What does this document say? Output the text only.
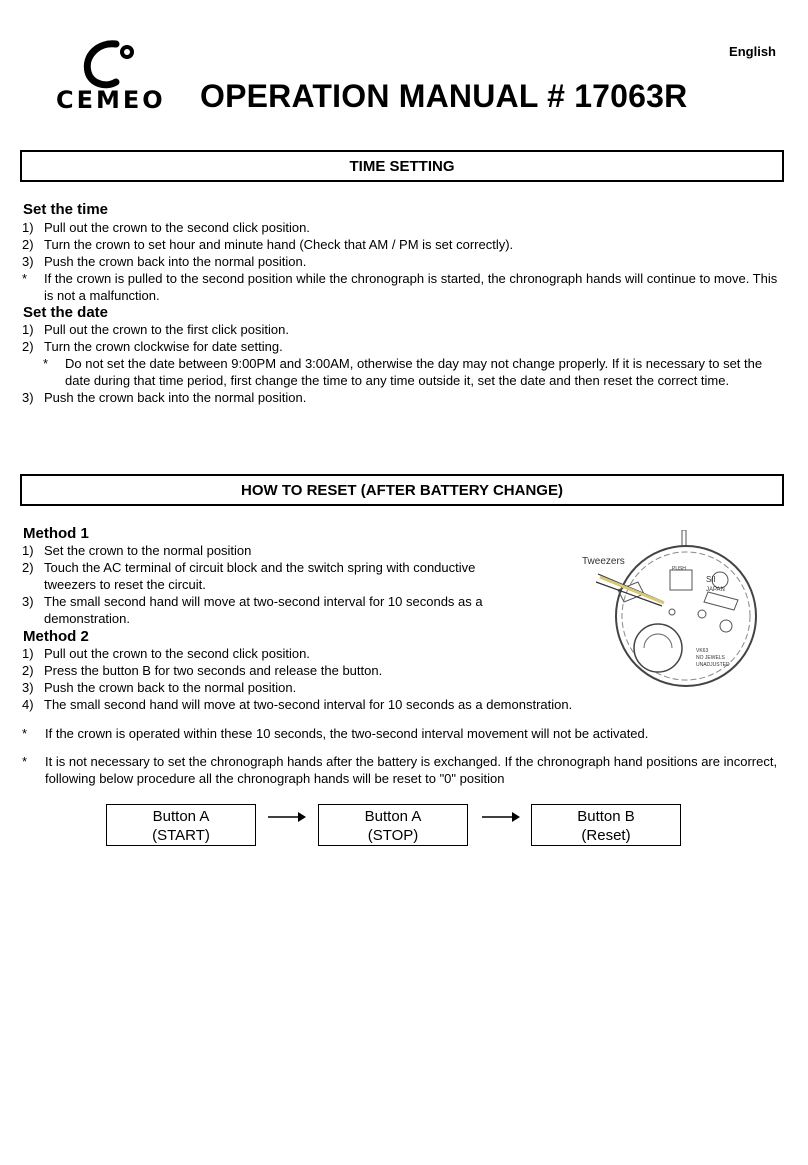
English
CEMEO OPERATION MANUAL # 17063R
TIME SETTING
Set the time
1) Pull out the crown to the second click position.
2) Turn the crown to set hour and minute hand (Check that AM / PM is set correctly).
3) Push the crown back into the normal position.
* If the crown is pulled to the second position while the chronograph is started, the chronograph hands will continue to move. This is not a malfunction.
Set the date
1) Pull out the crown to the first click position.
2) Turn the crown clockwise for date setting.
* Do not set the date between 9:00PM and 3:00AM, otherwise the day may not change properly. If it is necessary to set the date during that time period, first change the time to any time outside it, set the date and then reset the correct time.
3) Push the crown back into the normal position.
HOW TO RESET (AFTER BATTERY CHANGE)
Method 1
1) Set the crown to the normal position
2) Touch the AC terminal of circuit block and the switch spring with conductive tweezers to reset the circuit.
3) The small second hand will move at two-second interval for 10 seconds as a demonstration.
Method 2
1) Pull out the crown to the second click position.
2) Press the button B for two seconds and release the button.
3) Push the crown back to the normal position.
4) The small second hand will move at two-second interval for 10 seconds as a demonstration.
* If the crown is operated within these 10 seconds, the two-second interval movement will not be activated.
* It is not necessary to set the chronograph hands after the battery is exchanged. If the chronograph hand positions are incorrect, following below procedure all the chronograph hands will be reset to "0" position
Tweezers
PUSH
SII
JAPAN
VK63
NO JEWELS
UNADJUSTED
Button A
(START)
Button A
(STOP)
Button B
(Reset)
